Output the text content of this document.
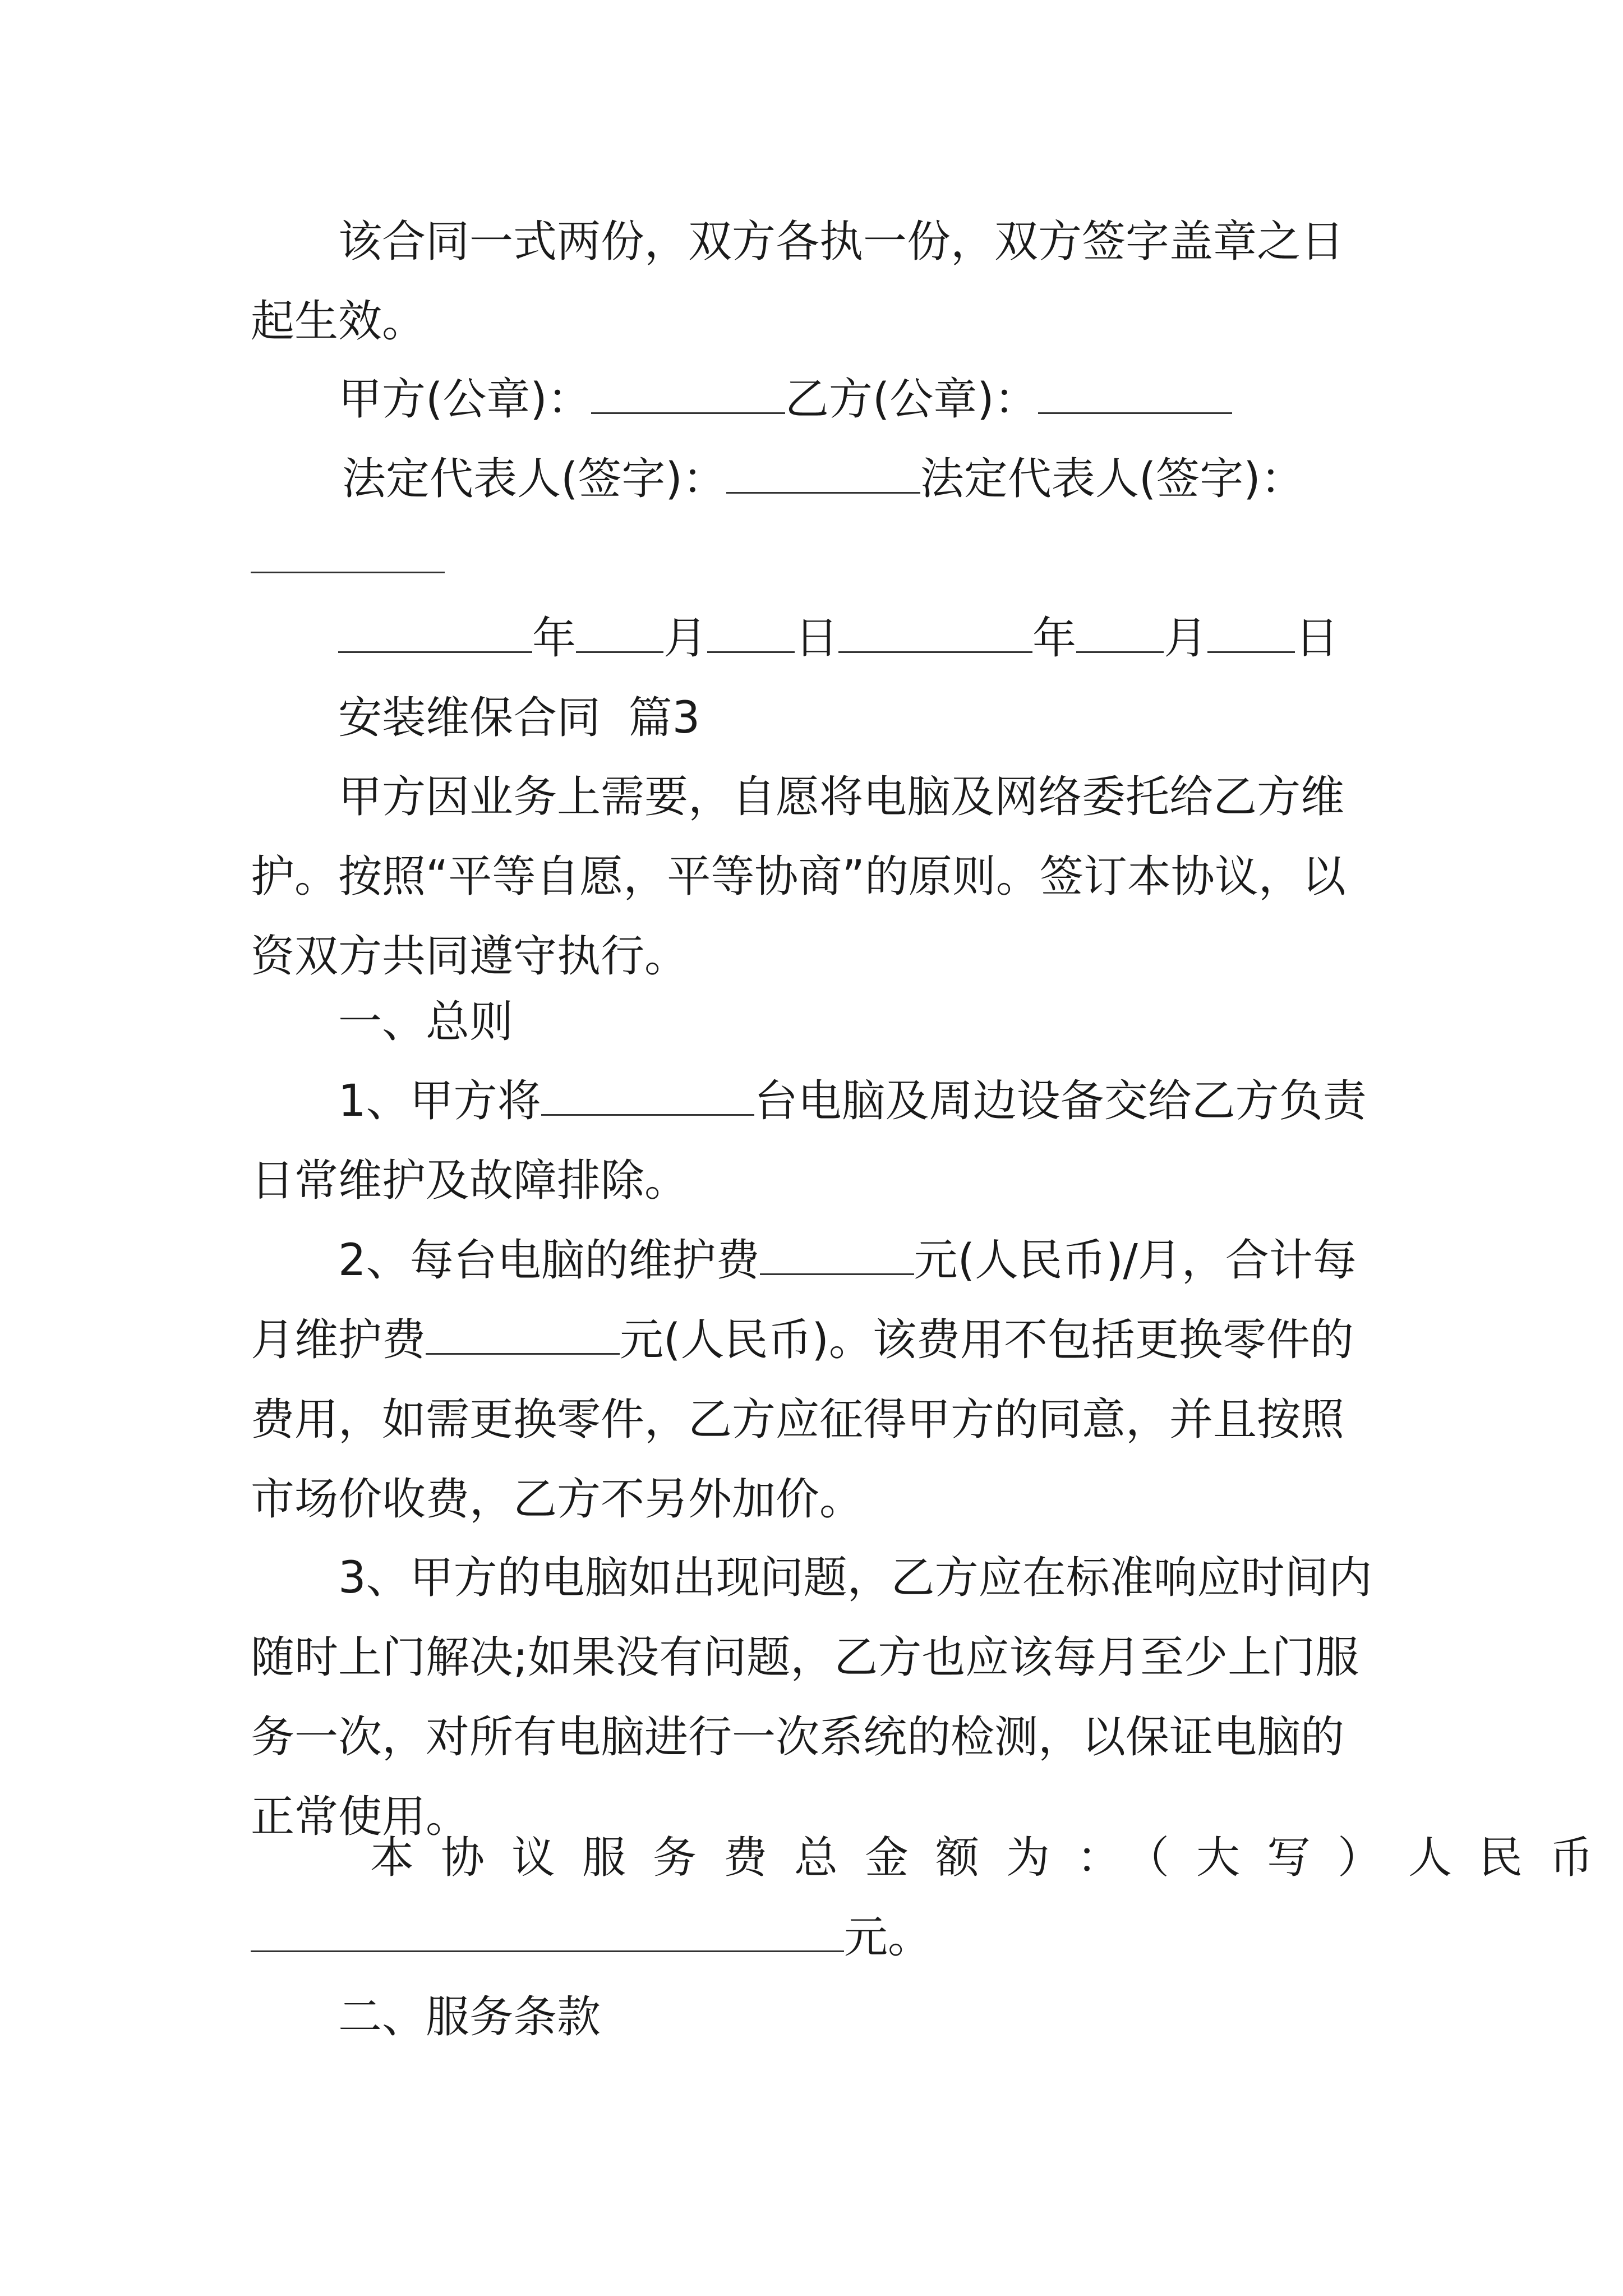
该合同一式两份，双方各执一份，双方签字盖章之日起生效。

甲方(公章)：	乙方(公章)：
法定代表人(签字)：	法定代表人(签字)：
年 月 日	年 月 日
安装维保合同  篇3

甲方因业务上需要，自愿将电脑及网络委托给乙方维护。按照“平等自愿，平等协商”的原则。签订本协议，以资双方共同遵守执行。

一、总则

1、甲方将	台电脑及周边设备交给乙方负责日常维护及故障排除。

2、每台电脑的维护费	元(人民币)/月，合计每月维护费	元(人民币)。该费用不包括更换零件的费用，如需更换零件，乙方应征得甲方的同意，并且按照市场价收费，乙方不另外加价。

3、甲方的电脑如出现问题，乙方应在标准响应时间内随时上门解决;如果没有问题，乙方也应该每月至少上门服务一次，对所有电脑进行一次系统的检测，以保证电脑的正常使用。

本协议服务费总金额为：（大写）人民币
元。
二、服务条款
